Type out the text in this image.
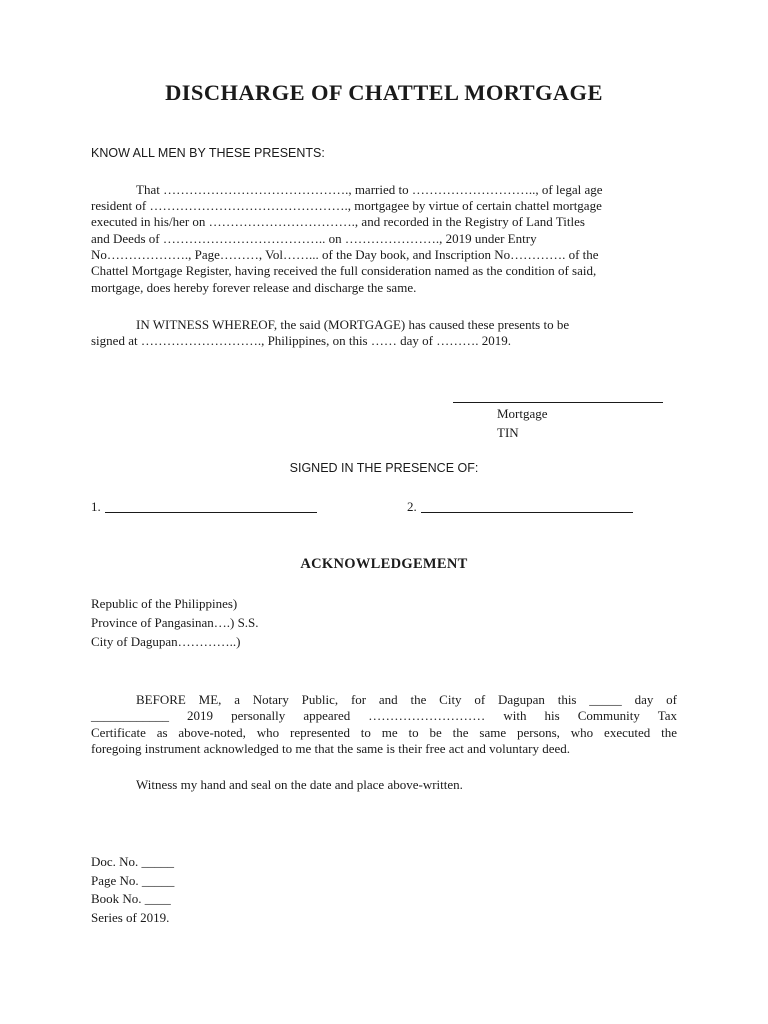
DISCHARGE OF CHATTEL MORTGAGE
KNOW ALL MEN BY THESE PRESENTS:
That ……………………………………., married to ……………………….., of legal age
resident of ………………………………………., mortgagee by virtue of certain chattel mortgage
executed in his/her on ……………………………., and recorded in the Registry of Land Titles
and Deeds of ……………………………….. on …………………., 2019 under Entry
No………………., Page………, Vol……... of the Day book, and Inscription No…………. of the
Chattel Mortgage Register, having received the full consideration named as the condition of said,
mortgage, does hereby forever release and discharge the same.
IN WITNESS WHEREOF, the said (MORTGAGE) has caused these presents to be
signed at ………………………., Philippines, on this …… day of ………. 2019.
Mortgage
TIN
SIGNED IN THE PRESENCE OF:
1.	2.
ACKNOWLEDGEMENT
Republic of the Philippines)
Province of Pangasinan….) S.S.
City of Dagupan…………..)
BEFORE ME, a Notary Public, for and the City of Dagupan this _____ day of
____________ 2019 personally appeared ……………………… with his Community Tax
Certificate as above-noted, who represented to me to be the same persons, who executed the
foregoing instrument acknowledged to me that the same is their free act and voluntary deed.
Witness my hand and seal on the date and place above-written.
Doc. No. _____
Page No. _____
Book No. ____
Series of 2019.
